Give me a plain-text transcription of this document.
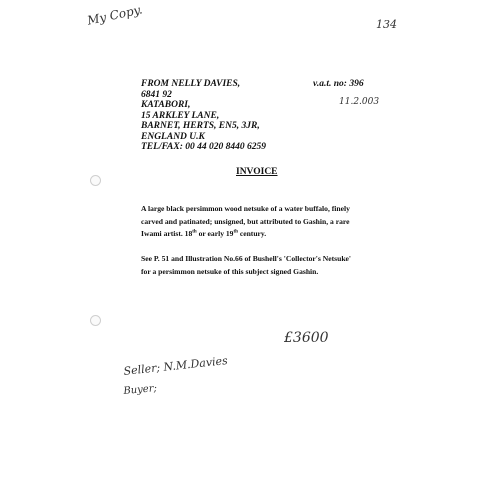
My Copy.	134
FROM NELLY DAVIES,
6841 92
KATABORI,
15 ARKLEY LANE,
BARNET, HERTS, EN5, 3JR,
ENGLAND U.K
TEL/FAX: 00 44 020 8440 6259
v.a.t. no: 396
11.2.003
INVOICE
A large black persimmon wood netsuke of a water buffalo, finely
carved and patinated; unsigned, but attributed to Gashin, a rare
Iwami artist. 18th or early 19th century.
See P. 51 and Illustration No.66 of Bushell's 'Collector's Netsuke'
for a persimmon netsuke of this subject signed Gashin.
£3600
Seller; N.M.Davies
Buyer;
